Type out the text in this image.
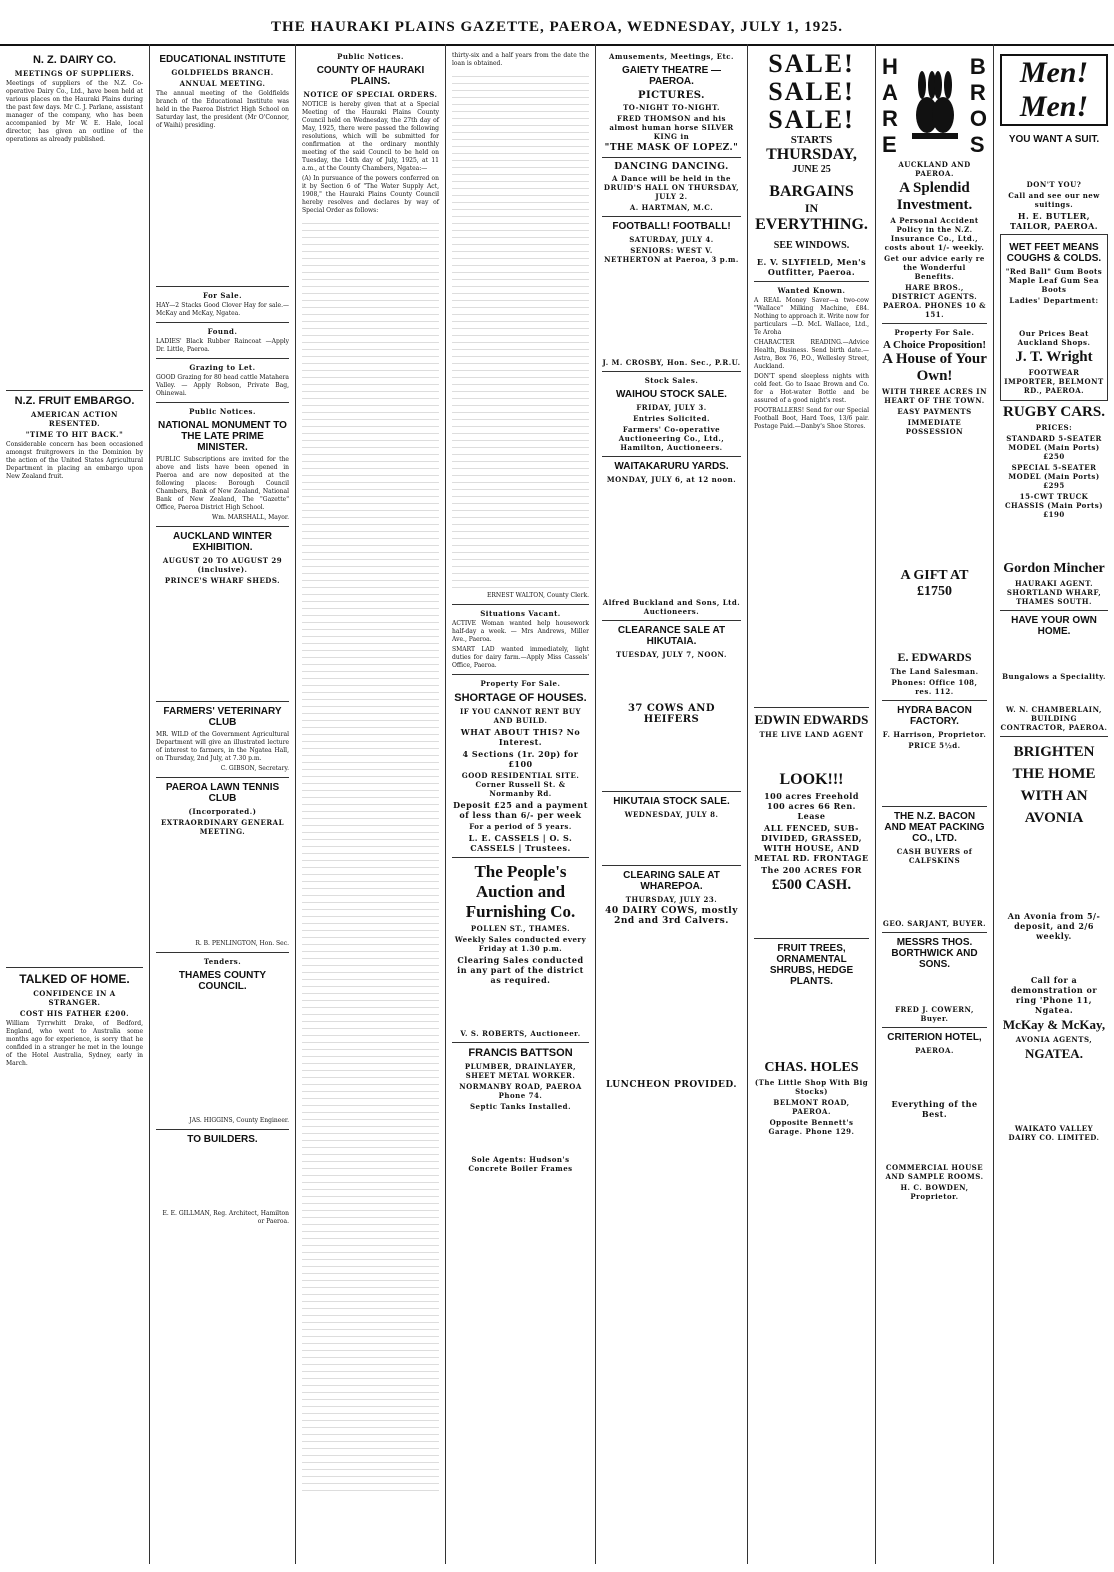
THE HAURAKI PLAINS GAZETTE, PAEROA, WEDNESDAY, JULY 1, 1925.
N. Z. DAIRY CO.
MEETINGS OF SUPPLIERS.
Meetings of suppliers of the N.Z. Co-operative Dairy Co., Ltd., have been held at various places on the Hauraki Plains during the past few days. Mr C. J. Parlane, assistant manager of the company, who has been accompanied by Mr W. E. Hale, local director, has given an outline of the operations as already published.
N.Z. FRUIT EMBARGO.
AMERICAN ACTION RESENTED.
"TIME TO HIT BACK."
Considerable concern has been occasioned amongst fruitgrowers in the Dominion by the action of the United States Agricultural Department in placing an embargo upon New Zealand fruit.
TALKED OF HOME.
CONFIDENCE IN A STRANGER.
COST HIS FATHER £200.
William Tyrrwhitt Drake, of Bedford, England, who went to Australia some months ago for experience, is sorry that he confided in a stranger he met in the lounge of the Hotel Australia, Sydney, early in March.
EDUCATIONAL INSTITUTE
GOLDFIELDS BRANCH.
ANNUAL MEETING.
The annual meeting of the Goldfields branch of the Educational Institute was held in the Paeroa District High School on Saturday last, the president (Mr O'Connor, of Waihi) presiding.
For Sale.
HAY—2 Stacks Good Clover Hay for sale.—McKay and McKay, Ngatea.
Found.
LADIES' Black Rubber Raincoat —Apply Dr. Little, Paeroa.
Grazing to Let.
GOOD Grazing for 80 head cattle Matahera Valley. — Apply Robson, Private Bag, Ohinewai.
Public Notices.
NATIONAL MONUMENT TO THE LATE PRIME MINISTER.
PUBLIC Subscriptions are invited for the above and lists have been opened in Paeroa and are now deposited at the following places: Borough Council Chambers, Bank of New Zealand, National Bank of New Zealand, The "Gazette" Office, Paeroa District High School.
Wm. MARSHALL, Mayor.
AUCKLAND WINTER EXHIBITION.
AUGUST 20 TO AUGUST 29 (inclusive).
PRINCE'S WHARF SHEDS.
FARMERS' VETERINARY CLUB
MR. WILD of the Government Agricultural Department will give an illustrated lecture of interest to farmers, in the Ngatea Hall, on Thursday, 2nd July, at 7.30 p.m.
C. GIBSON, Secretary.
PAEROA LAWN TENNIS CLUB
(Incorporated.)
EXTRAORDINARY GENERAL MEETING.
R. B. PENLINGTON, Hon. Sec.
Tenders.
THAMES COUNTY COUNCIL.
JAS. HIGGINS, County Engineer.
TO BUILDERS.
E. E. GILLMAN, Reg. Architect, Hamilton or Paeroa.
Public Notices.
COUNTY OF HAURAKI PLAINS.
NOTICE OF SPECIAL ORDERS.
NOTICE is hereby given that at a Special Meeting of the Hauraki Plains County Council held on Wednesday, the 27th day of May, 1925, there were passed the following resolutions, which will be submitted for confirmation at the ordinary monthly meeting of the said Council to be held on Tuesday, the 14th day of July, 1925, at 11 a.m., at the County Chambers, Ngatea:—
(A) In pursuance of the powers conferred on it by Section 6 of "The Water Supply Act, 1908," the Hauraki Plains County Council hereby resolves and declares by way of Special Order as follows:
thirty-six and a half years from the date the loan is obtained.
ERNEST WALTON, County Clerk.
Situations Vacant.
ACTIVE Woman wanted help housework half-day a week. — Mrs Andrews, Miller Ave., Paeroa.
SMART LAD wanted immediately, light duties for dairy farm.—Apply Miss Cassels' Office, Paeroa.
Property For Sale.
SHORTAGE OF HOUSES.
IF YOU CANNOT RENT BUY AND BUILD.
WHAT ABOUT THIS? No Interest.
4 Sections (1r. 20p) for £100
GOOD RESIDENTIAL SITE. Corner Russell St. & Normanby Rd.
Deposit £25 and a payment of less than 6/- per week
For a period of 5 years.
L. E. CASSELS | O. S. CASSELS | Trustees.
The People's Auction and Furnishing Co.
POLLEN ST., THAMES.
Weekly Sales conducted every Friday at 1.30 p.m.
Clearing Sales conducted in any part of the district as required.
V. S. ROBERTS, Auctioneer.
FRANCIS BATTSON
PLUMBER, DRAINLAYER, SHEET METAL WORKER.
NORMANBY ROAD, PAEROA Phone 74.
Septic Tanks Installed.
Sole Agents: Hudson's Concrete Boiler Frames
Amusements, Meetings, Etc.
GAIETY THEATRE — PAEROA.
PICTURES.
TO-NIGHT TO-NIGHT.
FRED THOMSON and his almost human horse SILVER KING in
"THE MASK OF LOPEZ."
DANCING DANCING.
A Dance will be held in the DRUID'S HALL ON THURSDAY, JULY 2.
A. HARTMAN, M.C.
FOOTBALL! FOOTBALL!
SATURDAY, JULY 4.
SENIORS: WEST V. NETHERTON at Paeroa, 3 p.m.
J. M. CROSBY, Hon. Sec., P.R.U.
Stock Sales.
WAIHOU STOCK SALE.
FRIDAY, JULY 3.
Entries Solicited.
Farmers' Co-operative Auctioneering Co., Ltd., Hamilton, Auctioneers.
WAITAKARURU YARDS.
MONDAY, JULY 6, at 12 noon.
Alfred Buckland and Sons, Ltd. Auctioneers.
CLEARANCE SALE AT HIKUTAIA.
TUESDAY, JULY 7, NOON.
37 COWS AND HEIFERS
HIKUTAIA STOCK SALE.
WEDNESDAY, JULY 8.
CLEARING SALE AT WHAREPOA.
THURSDAY, JULY 23.
40 DAIRY COWS, mostly 2nd and 3rd Calvers.
LUNCHEON PROVIDED.
SALE!
SALE!
SALE!
STARTS
THURSDAY,
JUNE 25
BARGAINS
IN
EVERYTHING.
SEE WINDOWS.
E. V. SLYFIELD, Men's Outfitter, Paeroa.
Wanted Known.
A REAL Money Saver—a two-cow "Wallace" Milking Machine, £84. Nothing to approach it. Write now for particulars —D. McL Wallace, Ltd., Te Aroha
CHARACTER READING.—Advice Health, Business. Send birth date.—Astra, Box 76, P.O., Wellesley Street, Auckland.
DON'T spend sleepless nights with cold feet. Go to Isaac Brown and Co. for a Hot-water Bottle and be assured of a good night's rest.
FOOTBALLERS! Send for our Special Football Boot, Hard Toes, 13/6 pair. Postage Paid.—Danby's Shoe Stores.
EDWIN EDWARDS
THE LIVE LAND AGENT
LOOK!!!
100 acres Freehold 100 acres 66 Ren. Lease
ALL FENCED, SUB-DIVIDED, GRASSED, WITH HOUSE, AND METAL RD. FRONTAGE
The 200 ACRES FOR
£500 CASH.
FRUIT TREES, ORNAMENTAL SHRUBS, HEDGE PLANTS.
CHAS. HOLES
(The Little Shop With Big Stocks)
BELMONT ROAD, PAEROA.
Opposite Bennett's Garage. Phone 129.
H
A
R
E
B
R
O
S
AUCKLAND AND PAEROA.
A Splendid Investment.
A Personal Accident Policy in the N.Z. Insurance Co., Ltd., costs about 1/- weekly.
Get our advice early re the Wonderful Benefits.
HARE BROS., DISTRICT AGENTS. PAEROA. PHONES 10 & 151.
Property For Sale.
A Choice Proposition!
A House of Your Own!
WITH THREE ACRES IN HEART OF THE TOWN.
EASY PAYMENTS
IMMEDIATE POSSESSION
A GIFT AT £1750
E. EDWARDS
The Land Salesman.
Phones: Office 108, res. 112.
HYDRA BACON FACTORY.
F. Harrison, Proprietor.
PRICE 5½d.
THE N.Z. BACON AND MEAT PACKING CO., LTD.
CASH BUYERS of CALFSKINS
GEO. SARJANT, BUYER.
MESSRS THOS. BORTHWICK AND SONS.
FRED J. COWERN, Buyer.
CRITERION HOTEL,
PAEROA.
Everything of the Best.
COMMERCIAL HOUSE AND SAMPLE ROOMS.
H. C. BOWDEN, Proprietor.
Men! Men!
YOU WANT A SUIT.
DON'T YOU?
Call and see our new suitings.
H. E. BUTLER, TAILOR, PAEROA.
WET FEET MEANS COUGHS & COLDS.
"Red Ball" Gum Boots Maple Leaf Gum Sea Boots
Ladies' Department:
Our Prices Beat Auckland Shops.
J. T. Wright
FOOTWEAR IMPORTER, BELMONT RD., PAEROA.
RUGBY CARS.
PRICES:
STANDARD 5-SEATER MODEL (Main Ports) £250
SPECIAL 5-SEATER MODEL (Main Ports) £295
15-CWT TRUCK CHASSIS (Main Ports) £190
Gordon Mincher
HAURAKI AGENT. SHORTLAND WHARF, THAMES SOUTH.
HAVE YOUR OWN HOME.
Bungalows a Speciality.
W. N. CHAMBERLAIN, BUILDING CONTRACTOR, PAEROA.
BRIGHTEN THE HOME WITH AN AVONIA
An Avonia from 5/- deposit, and 2/6 weekly.
Call for a demonstration or ring 'Phone 11, Ngatea.
McKay & McKay,
AVONIA AGENTS,
NGATEA.
WAIKATO VALLEY DAIRY CO. LIMITED.
